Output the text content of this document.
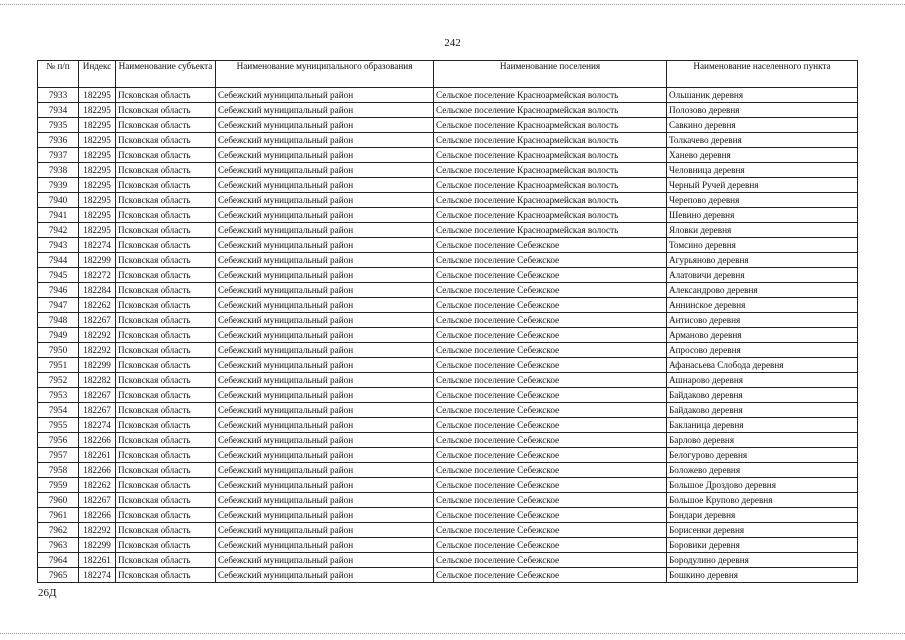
242
№ п/п	Индекс	Наименование субъекта	Наименование муниципального образования	Наименование поселения	Наименование населенного пункта
7933	182295	Псковская область	Себежский муниципальный район	Сельское поселение Красноармейская волость	Ольшаник деревня
7934	182295	Псковская область	Себежский муниципальный район	Сельское поселение Красноармейская волость	Полозово деревня
7935	182295	Псковская область	Себежский муниципальный район	Сельское поселение Красноармейская волость	Савкино деревня
7936	182295	Псковская область	Себежский муниципальный район	Сельское поселение Красноармейская волость	Толкачево деревня
7937	182295	Псковская область	Себежский муниципальный район	Сельское поселение Красноармейская волость	Ханево деревня
7938	182295	Псковская область	Себежский муниципальный район	Сельское поселение Красноармейская волость	Человница деревня
7939	182295	Псковская область	Себежский муниципальный район	Сельское поселение Красноармейская волость	Черный Ручей деревня
7940	182295	Псковская область	Себежский муниципальный район	Сельское поселение Красноармейская волость	Черепово деревня
7941	182295	Псковская область	Себежский муниципальный район	Сельское поселение Красноармейская волость	Шевино деревня
7942	182295	Псковская область	Себежский муниципальный район	Сельское поселение Красноармейская волость	Яловки деревня
7943	182274	Псковская область	Себежский муниципальный район	Сельское поселение Себежское	Томсино деревня
7944	182299	Псковская область	Себежский муниципальный район	Сельское поселение Себежское	Агурьяново деревня
7945	182272	Псковская область	Себежский муниципальный район	Сельское поселение Себежское	Алатовичи деревня
7946	182284	Псковская область	Себежский муниципальный район	Сельское поселение Себежское	Александрово деревня
7947	182262	Псковская область	Себежский муниципальный район	Сельское поселение Себежское	Аннинское деревня
7948	182267	Псковская область	Себежский муниципальный район	Сельское поселение Себежское	Антисово деревня
7949	182292	Псковская область	Себежский муниципальный район	Сельское поселение Себежское	Арманово деревня
7950	182292	Псковская область	Себежский муниципальный район	Сельское поселение Себежское	Апросово деревня
7951	182299	Псковская область	Себежский муниципальный район	Сельское поселение Себежское	Афанасьева Слобода деревня
7952	182282	Псковская область	Себежский муниципальный район	Сельское поселение Себежское	Ашнарово деревня
7953	182267	Псковская область	Себежский муниципальный район	Сельское поселение Себежское	Байдаково деревня
7954	182267	Псковская область	Себежский муниципальный район	Сельское поселение Себежское	Байдаково деревня
7955	182274	Псковская область	Себежский муниципальный район	Сельское поселение Себежское	Бакланица деревня
7956	182266	Псковская область	Себежский муниципальный район	Сельское поселение Себежское	Барлово деревня
7957	182261	Псковская область	Себежский муниципальный район	Сельское поселение Себежское	Белогурово деревня
7958	182266	Псковская область	Себежский муниципальный район	Сельское поселение Себежское	Боложево деревня
7959	182262	Псковская область	Себежский муниципальный район	Сельское поселение Себежское	Большое Дроздово деревня
7960	182267	Псковская область	Себежский муниципальный район	Сельское поселение Себежское	Большое Крупово деревня
7961	182266	Псковская область	Себежский муниципальный район	Сельское поселение Себежское	Бондари деревня
7962	182292	Псковская область	Себежский муниципальный район	Сельское поселение Себежское	Борисенки деревня
7963	182299	Псковская область	Себежский муниципальный район	Сельское поселение Себежское	Боровики деревня
7964	182261	Псковская область	Себежский муниципальный район	Сельское поселение Себежское	Бородулино деревня
7965	182274	Псковская область	Себежский муниципальный район	Сельское поселение Себежское	Бошкино деревня
26Д
